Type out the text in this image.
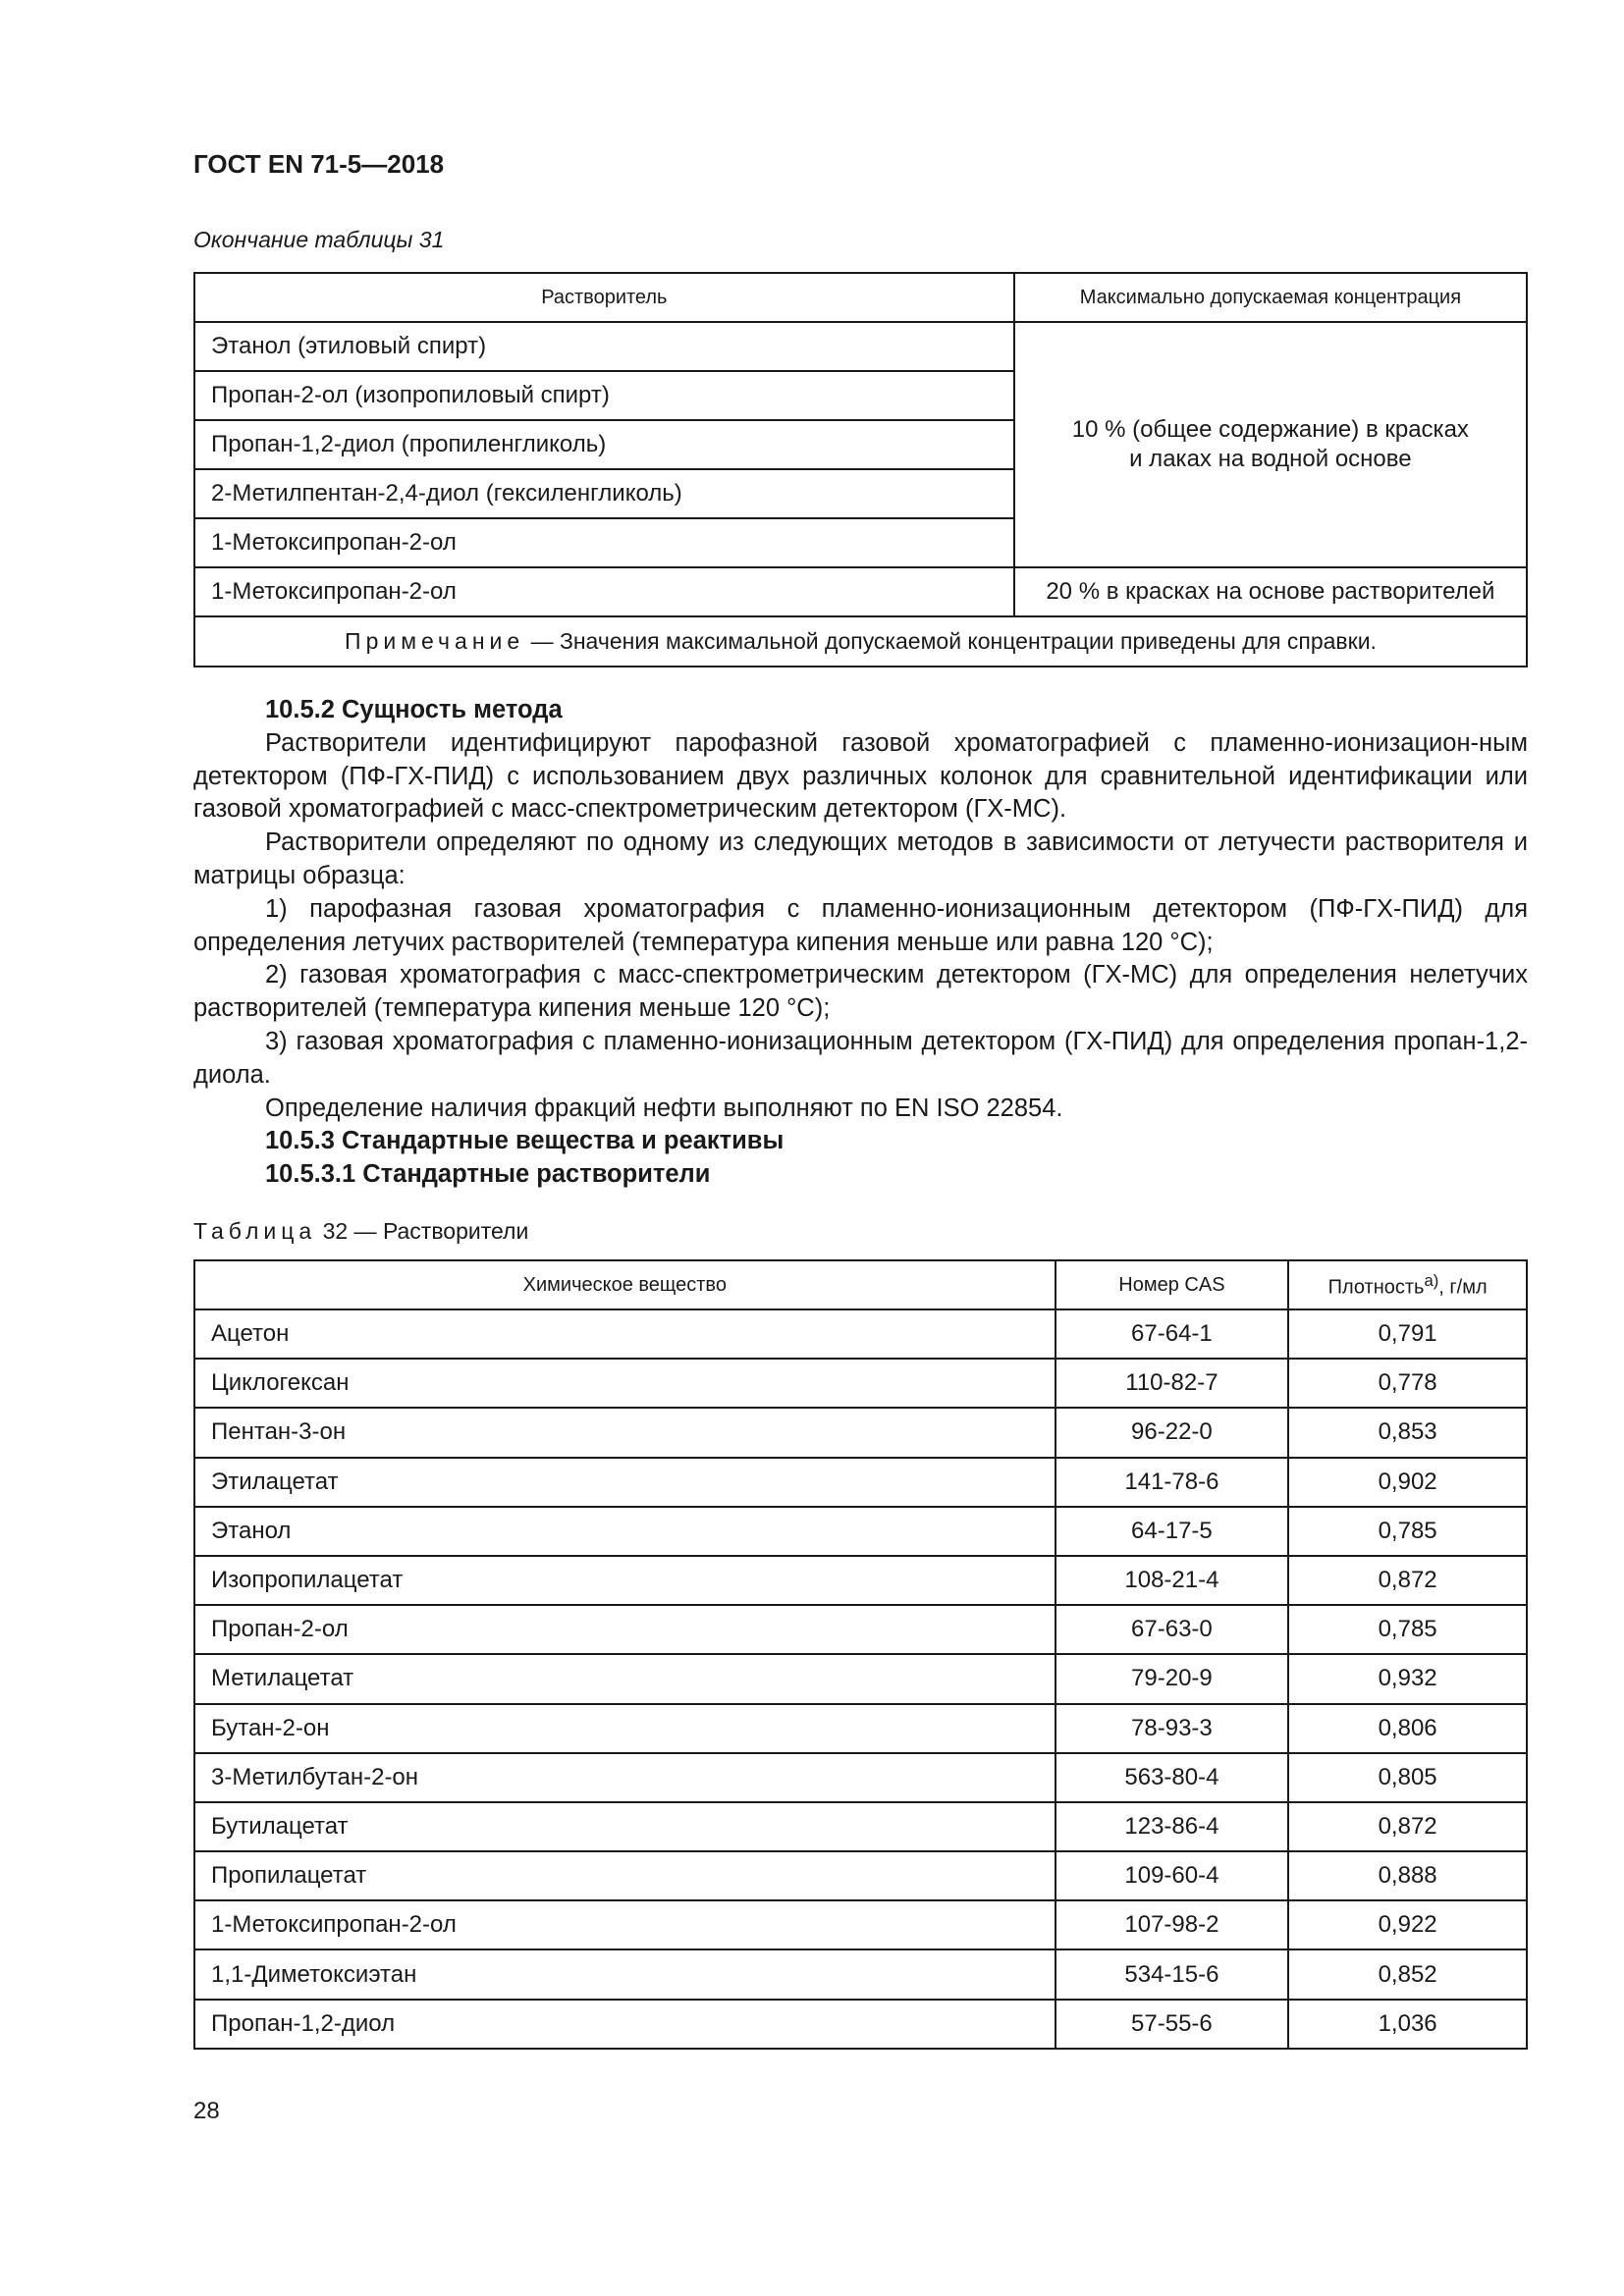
ГОСТ EN 71-5—2018
Окончание таблицы 31
Растворитель	Максимально допускаемая концентрация
Этанол (этиловый спирт)	10 % (общее содержание) в красках
и лаках на водной основе
Пропан-2-ол (изопропиловый спирт)	
Пропан-1,2-диол (пропиленгликоль)	
2-Метилпентан-2,4-диол (гексиленгликоль)	
1-Метоксипропан-2-ол	
1-Метоксипропан-2-ол	20 % в красках на основе растворителей
Примечание — Значения максимальной допускаемой концентрации приведены для справки.	

10.5.2 Сущность метода

Растворители идентифицируют парофазной газовой хроматографией с пламенно-ионизацион-ным детектором (ПФ-ГХ-ПИД) с использованием двух различных колонок для сравнительной идентификации или газовой хроматографией с масс-спектрометрическим детектором (ГХ-МС).

Растворители определяют по одному из следующих методов в зависимости от летучести растворителя и матрицы образца:

1) парофазная газовая хроматография с пламенно-ионизационным детектором (ПФ-ГХ-ПИД) для определения летучих растворителей (температура кипения меньше или равна 120 °С);

2) газовая хроматография с масс-спектрометрическим детектором (ГХ-МС) для определения нелетучих растворителей (температура кипения меньше 120 °С);

3) газовая хроматография с пламенно-ионизационным детектором (ГХ-ПИД) для определения пропан-1,2-диола.

Определение наличия фракций нефти выполняют по EN ISO 22854.

10.5.3 Стандартные вещества и реактивы

10.5.3.1 Стандартные растворители

Таблица 32 — Растворители
Химическое вещество	Номер CAS	Плотность$^{а)}$, г/мл
Ацетон	67-64-1	0,791
Циклогексан	110-82-7	0,778
Пентан-3-он	96-22-0	0,853
Этилацетат	141-78-6	0,902
Этанол	64-17-5	0,785
Изопропилацетат	108-21-4	0,872
Пропан-2-ол	67-63-0	0,785
Метилацетат	79-20-9	0,932
Бутан-2-он	78-93-3	0,806
3-Метилбутан-2-он	563-80-4	0,805
Бутилацетат	123-86-4	0,872
Пропилацетат	109-60-4	0,888
1-Метоксипропан-2-ол	107-98-2	0,922
1,1-Диметоксиэтан	534-15-6	0,852
Пропан-1,2-диол	57-55-6	1,036
28
